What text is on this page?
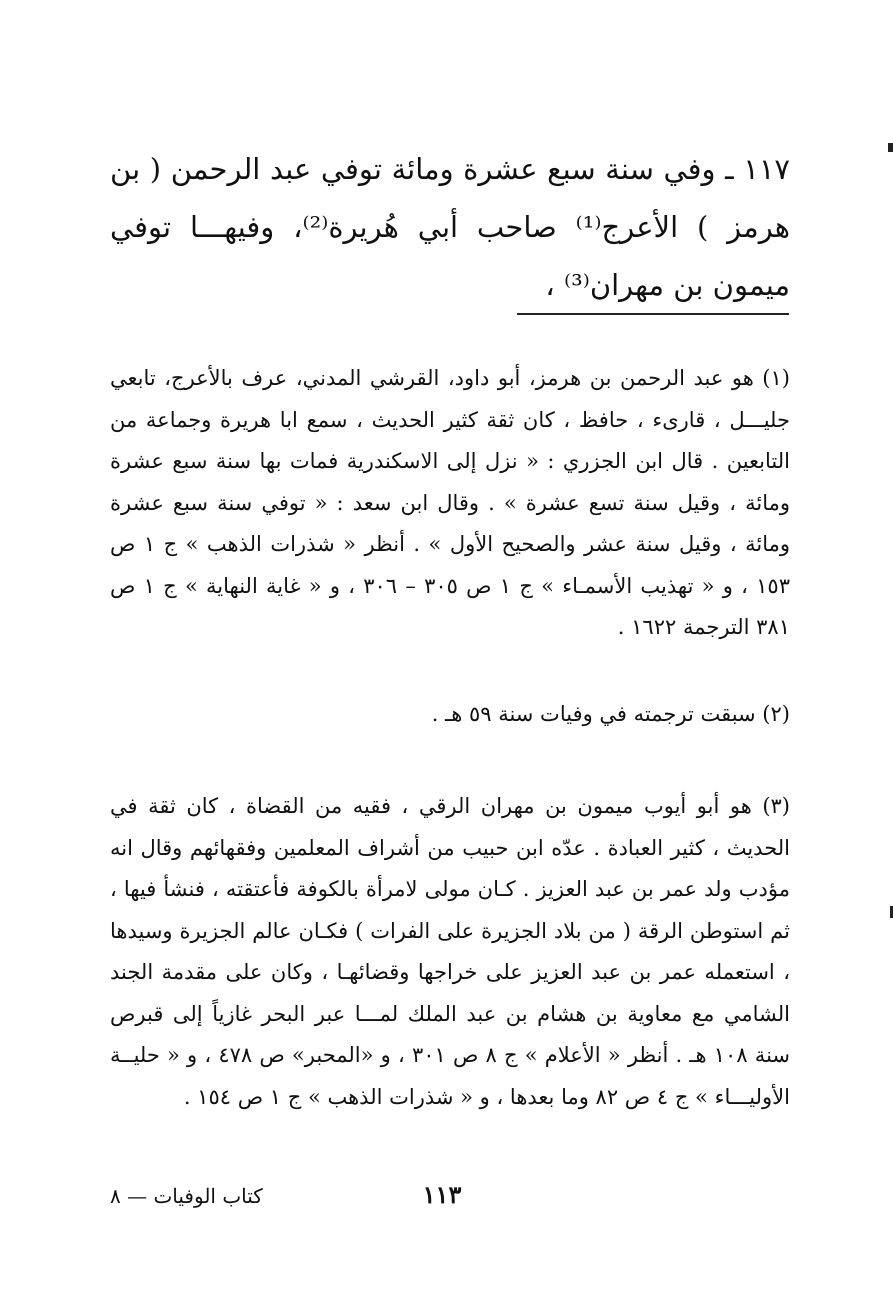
١١٧ ـ وفي سنة سبع عشرة ومائة توفي عبد الرحمن ( بن هرمز ) الأعرج⁽¹⁾ صاحب أبي هُريرة⁽²⁾، وفيهـــا توفي ميمون بن مهران⁽³⁾ ،
(١) هو عبد الرحمن بن هرمز، أبو داود، القرشي المدني، عرف بالأعرج، تابعي جليـــل ، قارىء ، حافظ ، كان ثقة كثير الحديث ، سمع ابا هريرة وجماعة من التابعين . قال ابن الجزري : « نزل إلى الاسكندرية فمات بها سنة سبع عشرة ومائة ، وقيل سنة تسع عشرة » . وقال ابن سعد : « توفي سنة سبع عشرة ومائة ، وقيل سنة عشر والصحيح الأول » . أنظر « شذرات الذهب » ج ١ ص ١٥٣ ، و « تهذيب الأسمـاء » ج ١ ص ٣٠٥ – ٣٠٦ ، و « غاية النهاية » ج ١ ص ٣٨١ الترجمة ١٦٢٢ .
(٢) سبقت ترجمته في وفيات سنة ٥٩ هـ .
(٣) هو أبو أيوب ميمون بن مهران الرقي ، فقيه من القضاة ، كان ثقة في الحديث ، كثير العبادة . عدّه ابن حبيب من أشراف المعلمين وفقهائهم وقال انه مؤدب ولد عمر بن عبد العزيز . كـان مولى لامرأة بالكوفة فأعتقته ، فنشأ فيها ، ثم استوطن الرقة ( من بلاد الجزيرة على الفرات ) فكـان عالم الجزيرة وسيدها ، استعمله عمر بن عبد العزيز على خراجها وقضائهـا ، وكان على مقدمة الجند الشامي مع معاوية بن هشام بن عبد الملك لمـــا عبر البحر غازياً إلى قبرص سنة ١٠٨ هـ . أنظر « الأعلام » ج ٨ ص ٣٠١ ، و «المحبر» ص ٤٧٨ ، و « حليــة الأوليـــاء » ج ٤ ص ٨٢ وما بعدها ، و « شذرات الذهب » ج ١ ص ١٥٤ .
كتاب الوفيات — ٨	١١٣
